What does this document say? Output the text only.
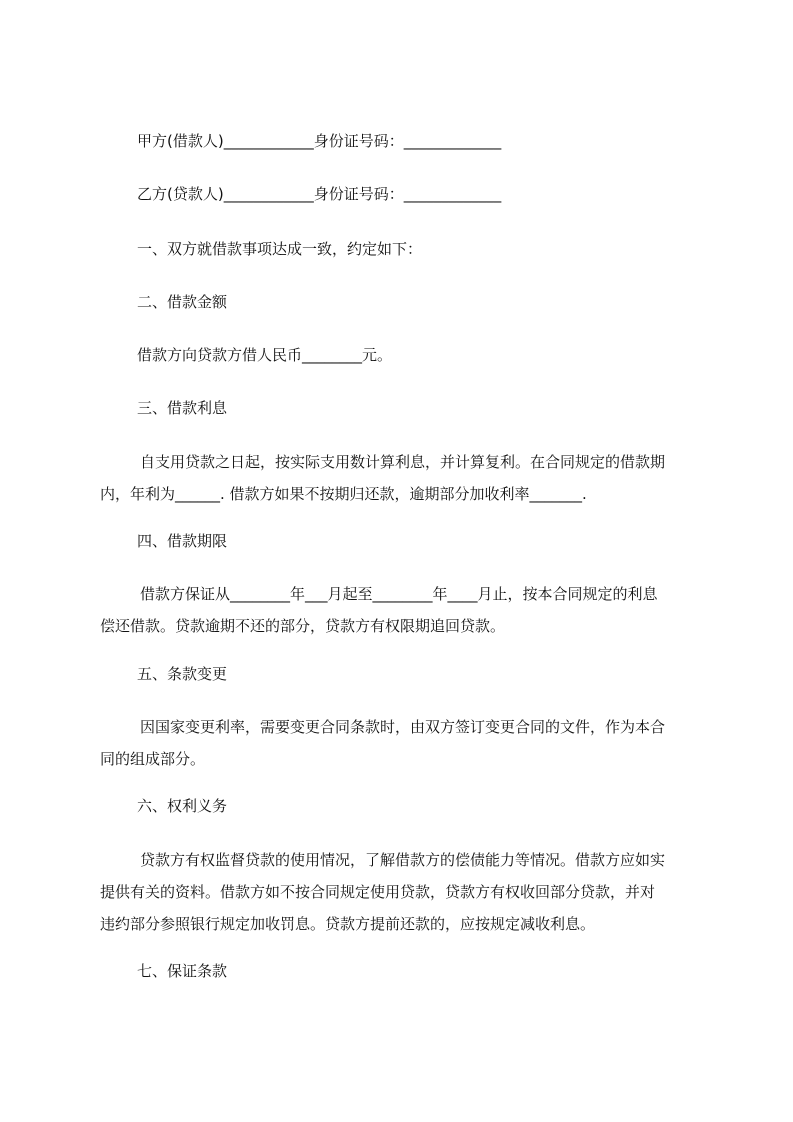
甲方(借款人)____________身份证号码：_____________
乙方(贷款人)____________身份证号码：_____________
一、双方就借款事项达成一致，约定如下：
二、借款金额
借款方向贷款方借人民币________元。
三、借款利息
自支用贷款之日起，按实际支用数计算利息，并计算复利。在合同规定的借款期
内，年利为______. 借款方如果不按期归还款，逾期部分加收利率_______.
四、借款期限
借款方保证从________年___月起至________年____月止，按本合同规定的利息
偿还借款。贷款逾期不还的部分，贷款方有权限期追回贷款。
五、条款变更
因国家变更利率，需要变更合同条款时，由双方签订变更合同的文件，作为本合
同的组成部分。
六、权利义务
贷款方有权监督贷款的使用情况，了解借款方的偿债能力等情况。借款方应如实
提供有关的资料。借款方如不按合同规定使用贷款，贷款方有权收回部分贷款，并对
违约部分参照银行规定加收罚息。贷款方提前还款的，应按规定减收利息。
七、保证条款
